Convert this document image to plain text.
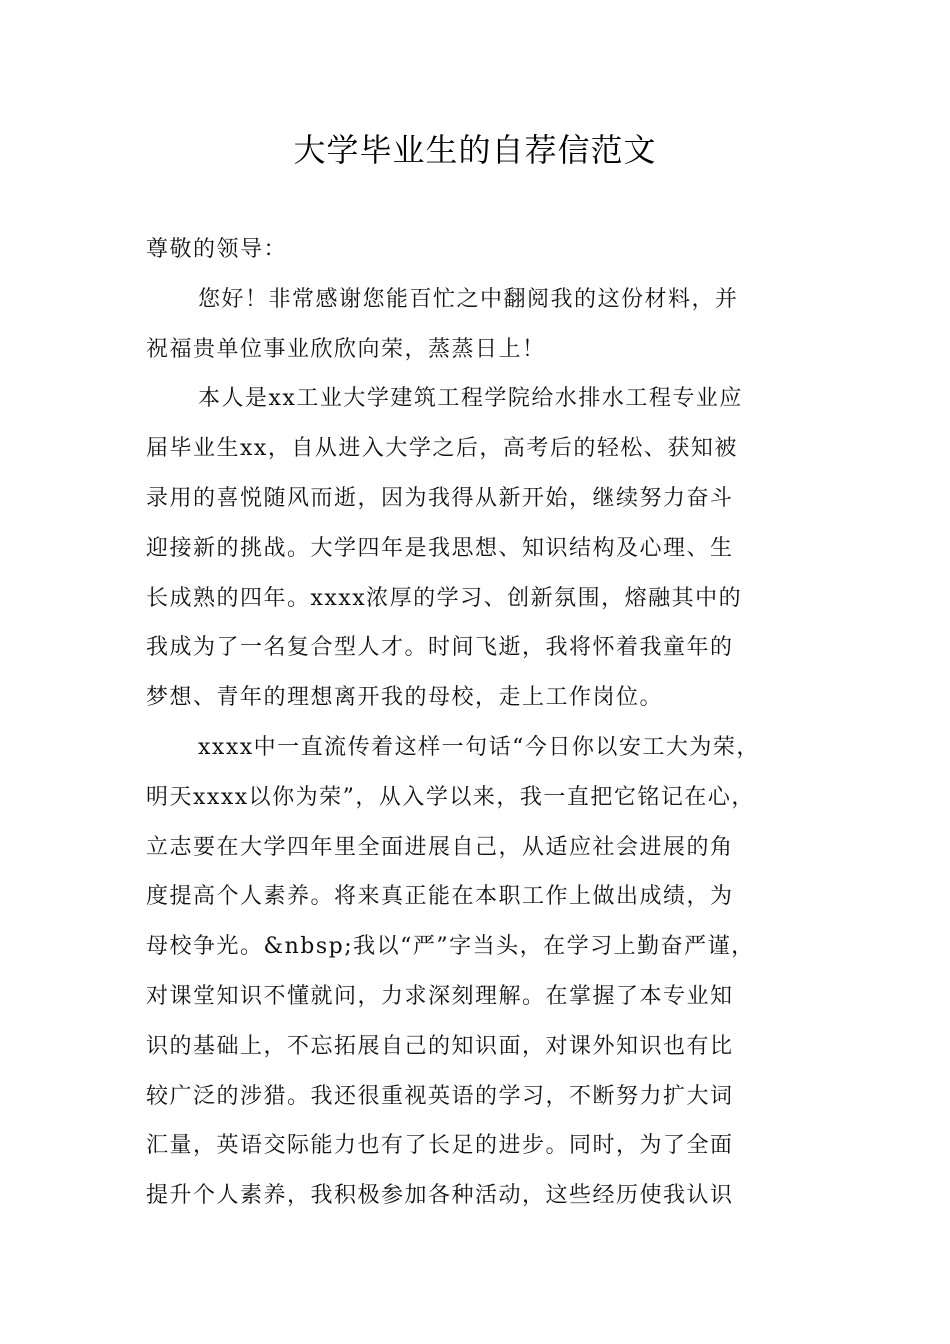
大学毕业生的自荐信范文
尊敬的领导：
您好！非常感谢您能百忙之中翻阅我的这份材料，并
祝福贵单位事业欣欣向荣，蒸蒸日上！
本人是xx工业大学建筑工程学院给水排水工程专业应
届毕业生xx，自从进入大学之后，高考后的轻松、获知被
录用的喜悦随风而逝，因为我得从新开始，继续努力奋斗
迎接新的挑战。大学四年是我思想、知识结构及心理、生
长成熟的四年。xxxx浓厚的学习、创新氛围，熔融其中的
我成为了一名复合型人才。时间飞逝，我将怀着我童年的
梦想、青年的理想离开我的母校，走上工作岗位。
xxxx中一直流传着这样一句话“今日你以安工大为荣，
明天xxxx以你为荣”，从入学以来，我一直把它铭记在心，
立志要在大学四年里全面进展自己，从适应社会进展的角
度提高个人素养。将来真正能在本职工作上做出成绩，为
母校争光。&nbsp;我以“严”字当头，在学习上勤奋严谨，
对课堂知识不懂就问，力求深刻理解。在掌握了本专业知
识的基础上，不忘拓展自己的知识面，对课外知识也有比
较广泛的涉猎。我还很重视英语的学习，不断努力扩大词
汇量，英语交际能力也有了长足的进步。同时，为了全面
提升个人素养，我积极参加各种活动，这些经历使我认识
